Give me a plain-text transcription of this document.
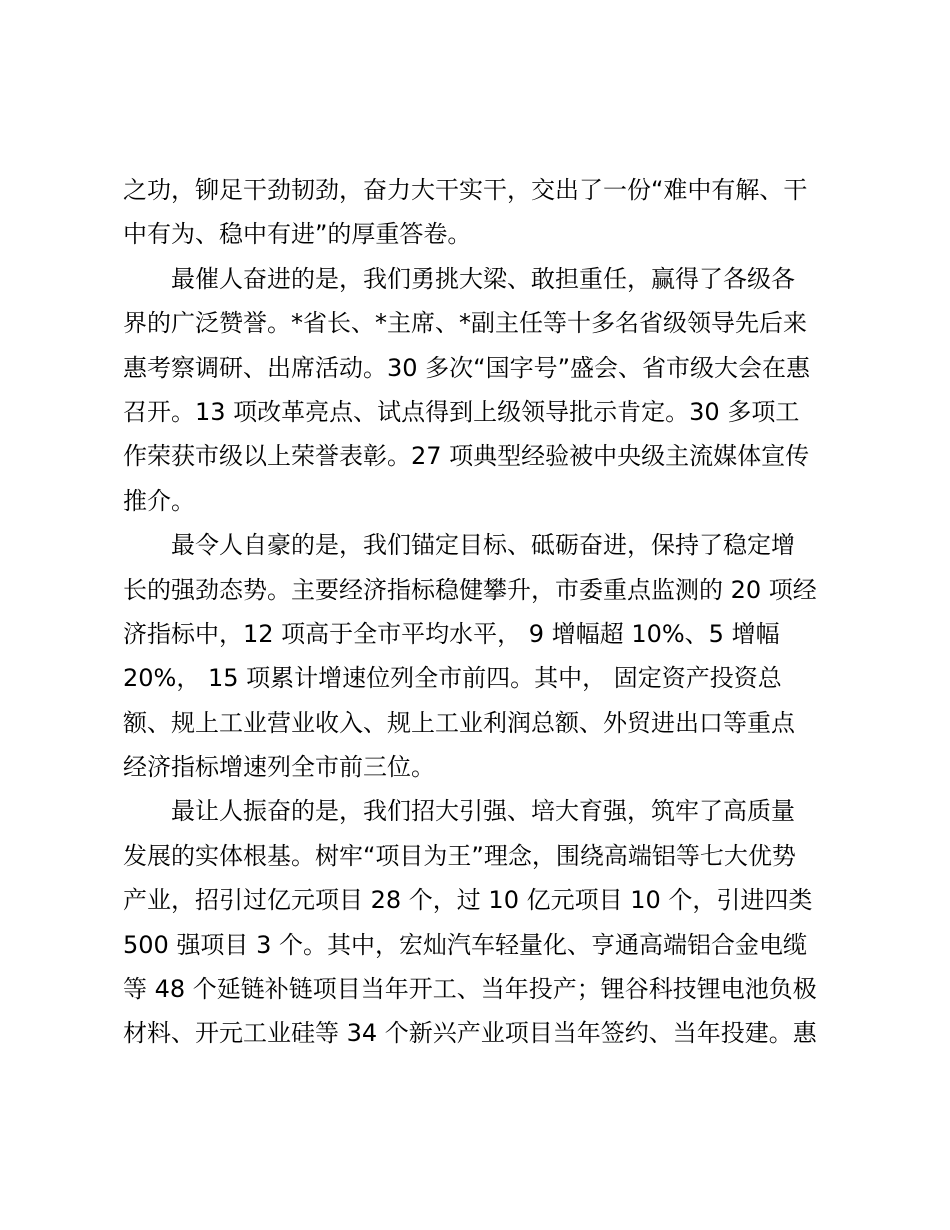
之功，铆足干劲韧劲，奋力大干实干，交出了一份“难中有解、干
中有为、稳中有进”的厚重答卷。
最催人奋进的是，我们勇挑大梁、敢担重任，赢得了各级各
界的广泛赞誉。*省长、*主席、*副主任等十多名省级领导先后来
惠考察调研、出席活动。30 多次“国字号”盛会、省市级大会在惠
召开。13 项改革亮点、试点得到上级领导批示肯定。30 多项工
作荣获市级以上荣誉表彰。27 项典型经验被中央级主流媒体宣传
推介。
最令人自豪的是，我们锚定目标、砥砺奋进，保持了稳定增
长的强劲态势。主要经济指标稳健攀升，市委重点监测的 20 项经
济指标中，12 项高于全市平均水平， 9 增幅超 10%、5 增幅
20%， 15 项累计增速位列全市前四。其中， 固定资产投资总
额、规上工业营业收入、规上工业利润总额、外贸进出口等重点
经济指标增速列全市前三位。
最让人振奋的是，我们招大引强、培大育强，筑牢了高质量
发展的实体根基。树牢“项目为王”理念，围绕高端铝等七大优势
产业，招引过亿元项目 28 个，过 10 亿元项目 10 个，引进四类
500 强项目 3 个。其中，宏灿汽车轻量化、亨通高端铝合金电缆
等 48 个延链补链项目当年开工、当年投产；锂谷科技锂电池负极
材料、开元工业硅等 34 个新兴产业项目当年签约、当年投建。惠
